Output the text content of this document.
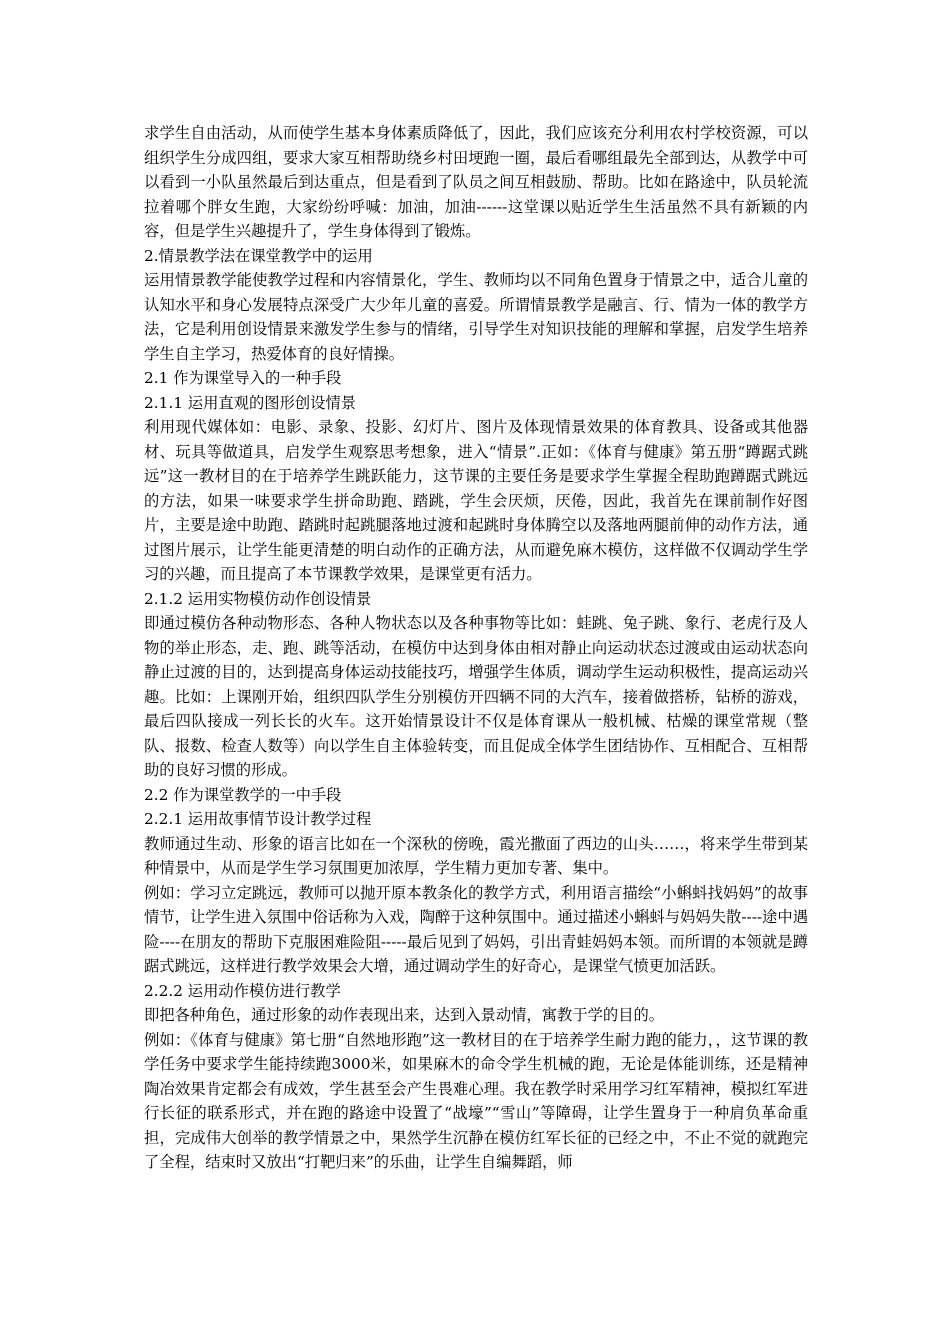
求学生自由活动，从而使学生基本身体素质降低了，因此，我们应该充分利用农村学校资源，可以组织学生分成四组，要求大家互相帮助绕乡村田埂跑一圈，最后看哪组最先全部到达，从教学中可以看到一小队虽然最后到达重点，但是看到了队员之间互相鼓励、帮助。比如在路途中，队员轮流拉着哪个胖女生跑，大家纷纷呼喊：加油，加油------这堂课以贴近学生生活虽然不具有新颖的内容，但是学生兴趣提升了，学生身体得到了锻炼。

2.情景教学法在课堂教学中的运用

运用情景教学能使教学过程和内容情景化，学生、教师均以不同角色置身于情景之中，适合儿童的认知水平和身心发展特点深受广大少年儿童的喜爱。所谓情景教学是融言、行、情为一体的教学方法，它是利用创设情景来激发学生参与的情绪，引导学生对知识技能的理解和掌握，启发学生培养学生自主学习，热爱体育的良好情操。

2.1 作为课堂导入的一种手段

2.1.1 运用直观的图形创设情景

利用现代媒体如：电影、录象、投影、幻灯片、图片及体现情景效果的体育教具、设备或其他器材、玩具等做道具，启发学生观察思考想象，进入“情景”.正如：《体育与健康》第五册“蹲踞式跳远”这一教材目的在于培养学生跳跃能力，这节课的主要任务是要求学生掌握全程助跑蹲踞式跳远的方法，如果一味要求学生拼命助跑、踏跳，学生会厌烦，厌倦，因此，我首先在课前制作好图片，主要是途中助跑、踏跳时起跳腿落地过渡和起跳时身体腾空以及落地两腿前伸的动作方法，通过图片展示，让学生能更清楚的明白动作的正确方法，从而避免麻木模仿，这样做不仅调动学生学习的兴趣，而且提高了本节课教学效果，是课堂更有活力。

2.1.2 运用实物模仿动作创设情景

即通过模仿各种动物形态、各种人物状态以及各种事物等比如：蛙跳、兔子跳、象行、老虎行及人物的举止形态，走、跑、跳等活动，在模仿中达到身体由相对静止向运动状态过渡或由运动状态向静止过渡的目的，达到提高身体运动技能技巧，增强学生体质，调动学生运动积极性，提高运动兴趣。比如：上课刚开始，组织四队学生分别模仿开四辆不同的大汽车，接着做搭桥，钻桥的游戏，最后四队接成一列长长的火车。这开始情景设计不仅是体育课从一般机械、枯燥的课堂常规（整队、报数、检查人数等）向以学生自主体验转变，而且促成全体学生团结协作、互相配合、互相帮助的良好习惯的形成。

2.2 作为课堂教学的一中手段

2.2.1 运用故事情节设计教学过程

教师通过生动、形象的语言比如在一个深秋的傍晚，霞光撒面了西边的山头……，将来学生带到某种情景中，从而是学生学习氛围更加浓厚，学生精力更加专著、集中。

例如：学习立定跳远，教师可以抛开原本教条化的教学方式，利用语言描绘“小蝌蚪找妈妈”的故事情节，让学生进入氛围中俗话称为入戏，陶醉于这种氛围中。通过描述小蝌蚪与妈妈失散----途中遇险----在朋友的帮助下克服困难险阻-----最后见到了妈妈，引出青蛙妈妈本领。而所谓的本领就是蹲踞式跳远，这样进行教学效果会大增，通过调动学生的好奇心，是课堂气愤更加活跃。

2.2.2 运用动作模仿进行教学

即把各种角色，通过形象的动作表现出来，达到入景动情，寓教于学的目的。

例如：《体育与健康》第七册“自然地形跑”这一教材目的在于培养学生耐力跑的能力，，这节课的教学任务中要求学生能持续跑3000米，如果麻木的命令学生机械的跑，无论是体能训练，还是精神陶冶效果肯定都会有成效，学生甚至会产生畏难心理。我在教学时采用学习红军精神，模拟红军进行长征的联系形式，并在跑的路途中设置了“战壕”“雪山”等障碍，让学生置身于一种肩负革命重担，完成伟大创举的教学情景之中，果然学生沉静在模仿红军长征的已经之中，不止不觉的就跑完了全程，结束时又放出“打靶归来”的乐曲，让学生自编舞蹈，师
